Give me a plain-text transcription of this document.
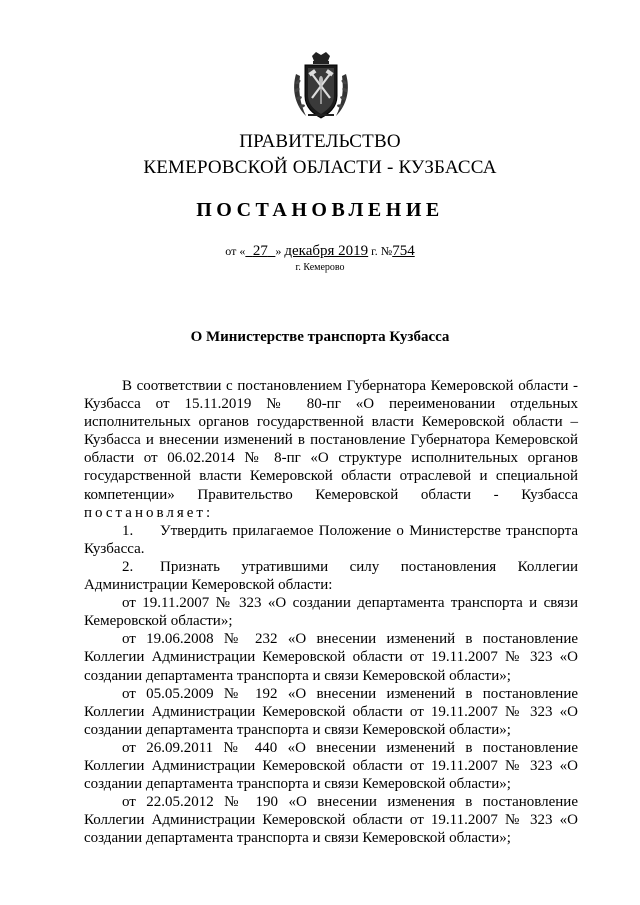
ПРАВИТЕЛЬСТВО
КЕМЕРОВСКОЙ ОБЛАСТИ - КУЗБАССА
ПОСТАНОВЛЕНИЕ
от « 27 » декабря 2019 г. №754
г. Кемерово
О Министерстве транспорта Кузбасса

В соответствии с постановлением Губернатора Кемеровской области - Кузбасса от 15.11.2019 № 80-пг «О переименовании отдельных исполнительных органов государственной власти Кемеровской области – Кузбасса и внесении изменений в постановление Губернатора Кемеровской области от 06.02.2014 № 8-пг «О структуре исполнительных органов государственной власти Кемеровской области отраслевой и специальной компетенции» Правительство Кемеровской области - Кузбасса постановляет:

1. Утвердить прилагаемое Положение о Министерстве транспорта Кузбасса.

2. Признать утратившими силу постановления Коллегии Администрации Кемеровской области:

от 19.11.2007 № 323 «О создании департамента транспорта и связи Кемеровской области»;

от 19.06.2008 № 232 «О внесении изменений в постановление Коллегии Администрации Кемеровской области от 19.11.2007 № 323 «О создании департамента транспорта и связи Кемеровской области»;

от 05.05.2009 № 192 «О внесении изменений в постановление Коллегии Администрации Кемеровской области от 19.11.2007 № 323 «О создании департамента транспорта и связи Кемеровской области»;

от 26.09.2011 № 440 «О внесении изменений в постановление Коллегии Администрации Кемеровской области от 19.11.2007 № 323 «О создании департамента транспорта и связи Кемеровской области»;

от 22.05.2012 № 190 «О внесении изменения в постановление Коллегии Администрации Кемеровской области от 19.11.2007 № 323 «О создании департамента транспорта и связи Кемеровской области»;
